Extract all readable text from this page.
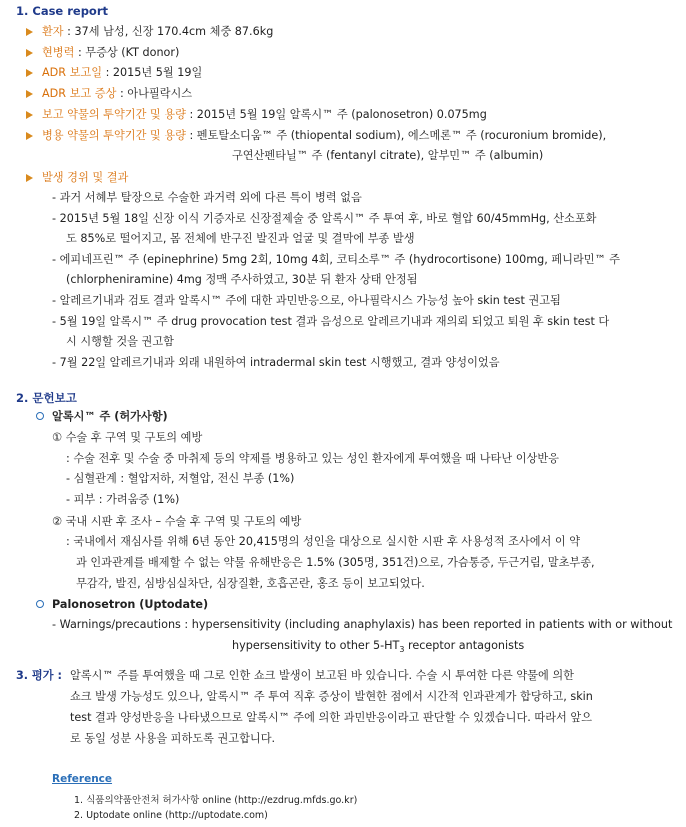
1. Case report
환자 : 37세 남성, 신장 170.4cm 체중 87.6kg
현병력 : 무증상 (KT donor)
ADR 보고일 : 2015년 5월 19일
ADR 보고 증상 : 아나필락시스
보고 약물의 투약기간 및 용량 : 2015년 5월 19일 알록시™ 주 (palonosetron) 0.075mg
병용 약물의 투약기간 및 용량 : 펜토탈소디움™ 주 (thiopental sodium), 에스메론™ 주 (rocuronium bromide),
구연산펜타닐™ 주 (fentanyl citrate), 알부민™ 주 (albumin)
발생 경위 및 결과
- 과거 서혜부 탈장으로 수술한 과거력 외에 다른 특이 병력 없음
- 2015년 5월 18일 신장 이식 기증자로 신장절제술 중 알록시™ 주 투여 후, 바로 혈압 60/45mmHg, 산소포화
도 85%로 떨어지고, 몸 전체에 반구진 발진과 얼굴 및 결막에 부종 발생
- 에피네프린™ 주 (epinephrine) 5mg 2회, 10mg 4회, 코티소루™ 주 (hydrocortisone) 100mg, 페니라민™ 주
(chlorpheniramine) 4mg 정맥 주사하였고, 30분 뒤 환자 상태 안정됨
- 알레르기내과 검토 결과 알록시™ 주에 대한 과민반응으로, 아나필락시스 가능성 높아 skin test 권고됨
- 5월 19일 알록시™ 주 drug provocation test 결과 음성으로 알레르기내과 재의뢰 되었고 퇴원 후 skin test 다
시 시행할 것을 권고함
- 7월 22일 알레르기내과 외래 내원하여 intradermal skin test 시행했고, 결과 양성이었음
2. 문헌보고
알록시™ 주 (허가사항)
① 수술 후 구역 및 구토의 예방
: 수술 전후 및 수술 중 마취제 등의 약제를 병용하고 있는 성인 환자에게 투여했을 때 나타난 이상반응
- 심혈관계 : 혈압저하, 저혈압, 전신 부종 (1%)
- 피부 : 가려움증 (1%)
② 국내 시판 후 조사 – 수술 후 구역 및 구토의 예방
: 국내에서 재심사를 위해 6년 동안 20,415명의 성인을 대상으로 실시한 시판 후 사용성적 조사에서 이 약
과 인과관계를 배제할 수 없는 약물 유해반응은 1.5% (305명, 351건)으로, 가슴통증, 두근거림, 말초부종,
무감각, 발진, 심방심실차단, 심장질환, 호흡곤란, 홍조 등이 보고되었다.
Palonosetron (Uptodate)
- Warnings/precautions : hypersensitivity (including anaphylaxis) has been reported in patients with or without
hypersensitivity to other $5-HT_3$ receptor antagonists
3. 평가 : 알록시™ 주를 투여했을 때 그로 인한 쇼크 발생이 보고된 바 있습니다. 수술 시 투여한 다른 약물에 의한
쇼크 발생 가능성도 있으나, 알록시™ 주 투여 직후 증상이 발현한 점에서 시간적 인과관계가 합당하고, skin
test 결과 양성반응을 나타냈으므로 알록시™ 주에 의한 과민반응이라고 판단할 수 있겠습니다. 따라서 앞으
로 동일 성분 사용을 피하도록 권고합니다.
Reference
1. 식품의약품안전처 허가사항 online (http://ezdrug.mfds.go.kr)
2. Uptodate online (http://uptodate.com)
